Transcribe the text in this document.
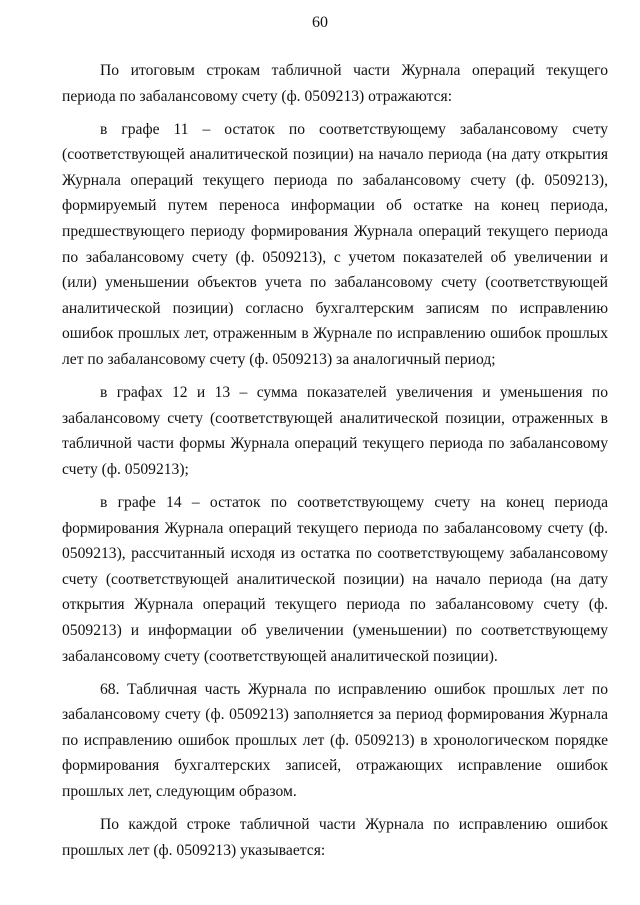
60

По итоговым строкам табличной части Журнала операций текущего периода по забалансовому счету (ф. 0509213) отражаются:

в графе 11 – остаток по соответствующему забалансовому счету (соответствующей аналитической позиции) на начало периода (на дату открытия Журнала операций текущего периода по забалансовому счету (ф. 0509213), формируемый путем переноса информации об остатке на конец периода, предшествующего периоду формирования Журнала операций текущего периода по забалансовому счету (ф. 0509213), с учетом показателей об увеличении и (или) уменьшении объектов учета по забалансовому счету (соответствующей аналитической позиции) согласно бухгалтерским записям по исправлению ошибок прошлых лет, отраженным в Журнале по исправлению ошибок прошлых лет по забалансовому счету (ф. 0509213) за аналогичный период;

в графах 12 и 13 – сумма показателей увеличения и уменьшения по забалансовому счету (соответствующей аналитической позиции, отраженных в табличной части формы Журнала операций текущего периода по забалансовому счету (ф. 0509213);

в графе 14 – остаток по соответствующему счету на конец периода формирования Журнала операций текущего периода по забалансовому счету (ф. 0509213), рассчитанный исходя из остатка по соответствующему забалансовому счету (соответствующей аналитической позиции) на начало периода (на дату открытия Журнала операций текущего периода по забалансовому счету (ф. 0509213) и информации об увеличении (уменьшении) по соответствующему забалансовому счету (соответствующей аналитической позиции).

68. Табличная часть Журнала по исправлению ошибок прошлых лет по забалансовому счету (ф. 0509213) заполняется за период формирования Журнала по исправлению ошибок прошлых лет (ф. 0509213) в хронологическом порядке формирования бухгалтерских записей, отражающих исправление ошибок прошлых лет, следующим образом.

По каждой строке табличной части Журнала по исправлению ошибок прошлых лет (ф. 0509213) указывается:
